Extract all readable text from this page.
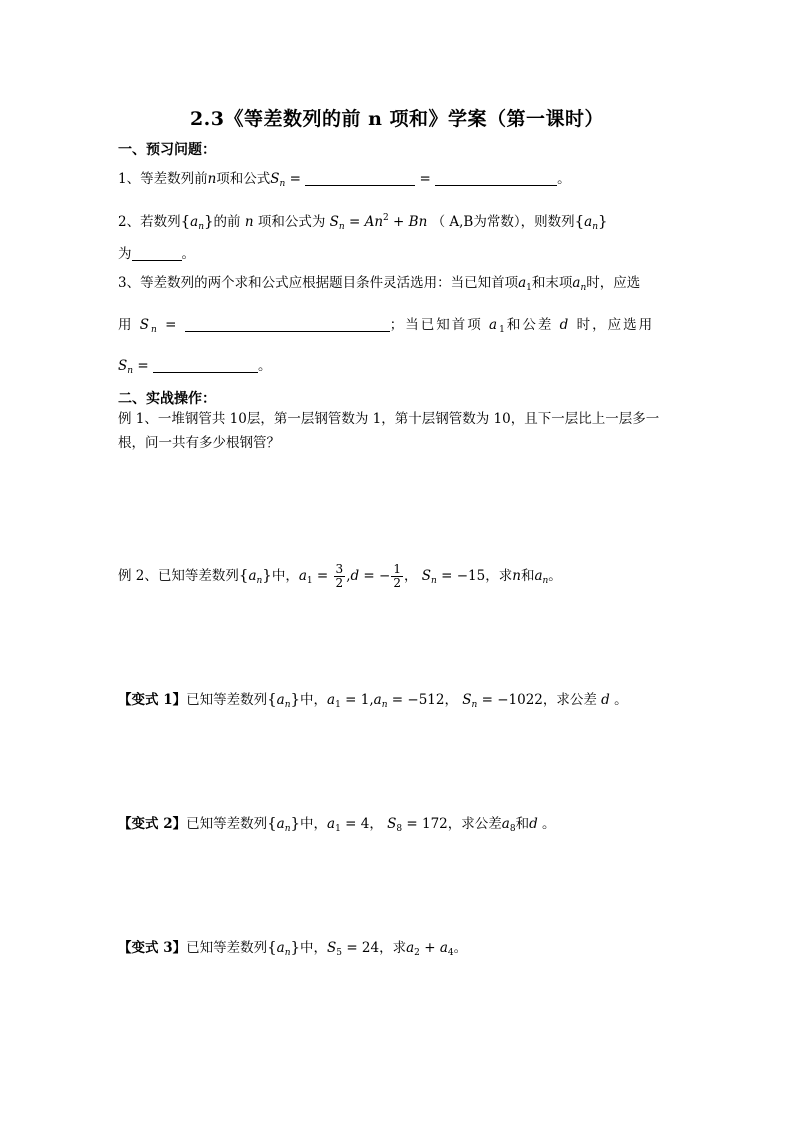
2.3《等差数列的前 n 项和》学案（第一课时）
一、预习问题：
1、等差数列前n项和公式$S_n$ =	=	。
2、若数列$\{a_n\}$的前 n 项和公式为 $S_n = An^2 + Bn$ （ A,B为常数），则数列$\{a_n\}$
为	。
3、等差数列的两个求和公式应根据题目条件灵活选用：当已知首项$a_1$和末项$a_n$时，应选
用 $S_n$ =	；当已知首项 $a_1$和公差 d 时，应选用
$S_n$ =	。
二、实战操作：
例 1、一堆钢管共 10层，第一层钢管数为 1，第十层钢管数为 10，且下一层比上一层多一
根，问一共有多少根钢管？
例 2、已知等差数列$\{a_n\}$中，$a_1 = \frac{3}{2} ,d$ = − $\frac{1}{2}$ ， $S_n = -15$，求n和$a_n$。
【变式 1】已知等差数列$\{a_n\}$中，$a_1 = 1,a_n = -512$， $S_n = -1022$，求公差 d 。
【变式 2】已知等差数列$\{a_n\}$中，$a_1 = 4$， $S_8 = 172$，求公差$a_8$和d 。
【变式 3】已知等差数列$\{a_n\}$中，$S_5 = 24$，求$a_2 + a_4$。
